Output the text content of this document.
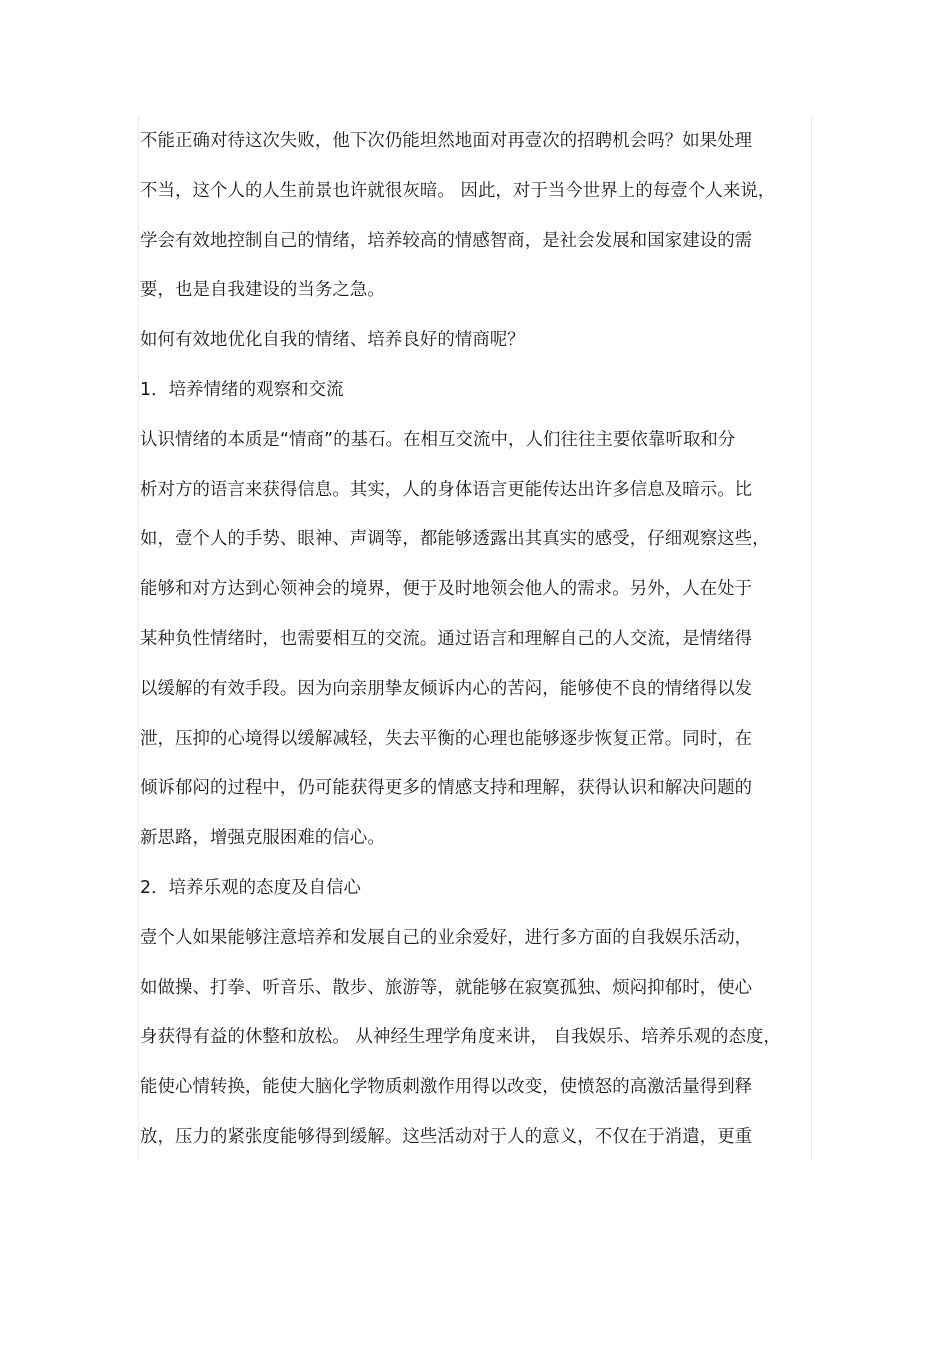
不能正确对待这次失败，他下次仍能坦然地面对再壹次的招聘机会吗？如果处理
不当，这个人的人生前景也许就很灰暗。 因此，对于当今世界上的每壹个人来说，
学会有效地控制自己的情绪，培养较高的情感智商，是社会发展和国家建设的需
要，也是自我建设的当务之急。
如何有效地优化自我的情绪、培养良好的情商呢？
1．培养情绪的观察和交流
认识情绪的本质是“情商”的基石。在相互交流中，人们往往主要依靠听取和分
析对方的语言来获得信息。其实，人的身体语言更能传达出许多信息及暗示。比
如，壹个人的手势、眼神、声调等，都能够透露出其真实的感受，仔细观察这些，
能够和对方达到心领神会的境界，便于及时地领会他人的需求。另外，人在处于
某种负性情绪时，也需要相互的交流。通过语言和理解自己的人交流，是情绪得
以缓解的有效手段。因为向亲朋挚友倾诉内心的苦闷，能够使不良的情绪得以发
泄，压抑的心境得以缓解减轻，失去平衡的心理也能够逐步恢复正常。同时，在
倾诉郁闷的过程中，仍可能获得更多的情感支持和理解，获得认识和解决问题的
新思路，增强克服困难的信心。
2．培养乐观的态度及自信心
壹个人如果能够注意培养和发展自己的业余爱好，进行多方面的自我娱乐活动，
如做操、打拳、听音乐、散步、旅游等，就能够在寂寞孤独、烦闷抑郁时，使心
身获得有益的休整和放松。 从神经生理学角度来讲， 自我娱乐、培养乐观的态度，
能使心情转换，能使大脑化学物质刺激作用得以改变，使愤怒的高激活量得到释
放，压力的紧张度能够得到缓解。这些活动对于人的意义，不仅在于消遣，更重
